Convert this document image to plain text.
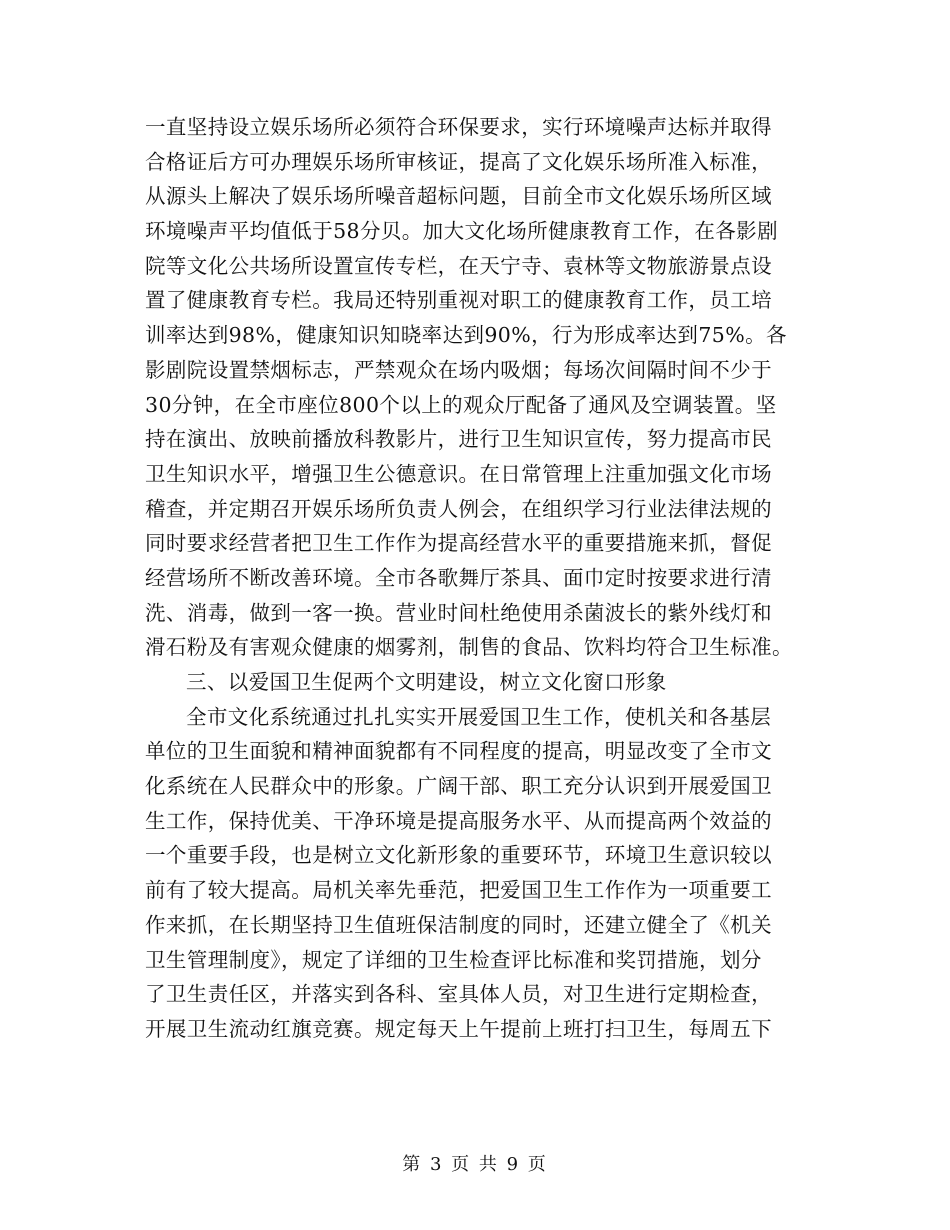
一直坚持设立娱乐场所必须符合环保要求，实行环境噪声达标并取得
合格证后方可办理娱乐场所审核证，提高了文化娱乐场所准入标准，
从源头上解决了娱乐场所噪音超标问题，目前全市文化娱乐场所区域
环境噪声平均值低于58分贝。加大文化场所健康教育工作，在各影剧
院等文化公共场所设置宣传专栏，在天宁寺、袁林等文物旅游景点设
置了健康教育专栏。我局还特别重视对职工的健康教育工作，员工培
训率达到98%，健康知识知晓率达到90%，行为形成率达到75%。各
影剧院设置禁烟标志，严禁观众在场内吸烟；每场次间隔时间不少于
30分钟，在全市座位800个以上的观众厅配备了通风及空调装置。坚
持在演出、放映前播放科教影片，进行卫生知识宣传，努力提高市民
卫生知识水平，增强卫生公德意识。在日常管理上注重加强文化市场
稽查，并定期召开娱乐场所负责人例会，在组织学习行业法律法规的
同时要求经营者把卫生工作作为提高经营水平的重要措施来抓，督促
经营场所不断改善环境。全市各歌舞厅茶具、面巾定时按要求进行清
洗、消毒，做到一客一换。营业时间杜绝使用杀菌波长的紫外线灯和
滑石粉及有害观众健康的烟雾剂，制售的食品、饮料均符合卫生标准。
三、以爱国卫生促两个文明建设，树立文化窗口形象
全市文化系统通过扎扎实实开展爱国卫生工作，使机关和各基层
单位的卫生面貌和精神面貌都有不同程度的提高，明显改变了全市文
化系统在人民群众中的形象。广阔干部、职工充分认识到开展爱国卫
生工作，保持优美、干净环境是提高服务水平、从而提高两个效益的
一个重要手段，也是树立文化新形象的重要环节，环境卫生意识较以
前有了较大提高。局机关率先垂范，把爱国卫生工作作为一项重要工
作来抓，在长期坚持卫生值班保洁制度的同时，还建立健全了《机关
卫生管理制度》，规定了详细的卫生检查评比标准和奖罚措施，划分
了卫生责任区，并落实到各科、室具体人员，对卫生进行定期检查，
开展卫生流动红旗竞赛。规定每天上午提前上班打扫卫生，每周五下
第 3 页 共 9 页
